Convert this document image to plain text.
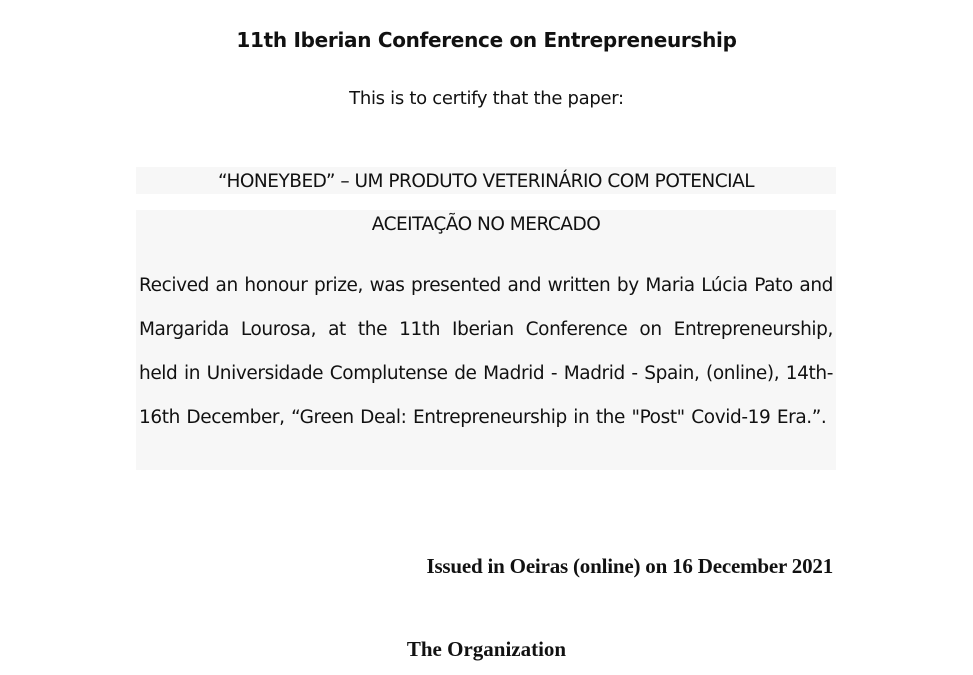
11th Iberian Conference on Entrepreneurship
This is to certify that the paper:
“HONEYBED” – UM PRODUTO VETERINÁRIO COM POTENCIAL
ACEITAÇÃO NO MERCADO
Recived an honour prize, was presented and written by Maria Lúcia Pato and Margarida Lourosa, at the 11th Iberian Conference on Entrepreneurship, held in Universidade Complutense de Madrid - Madrid - Spain, (online), 14th-16th December, “Green Deal: Entrepreneurship in the "Post" Covid-19 Era.”.
Issued in Oeiras (online) on 16 December 2021
The Organization
